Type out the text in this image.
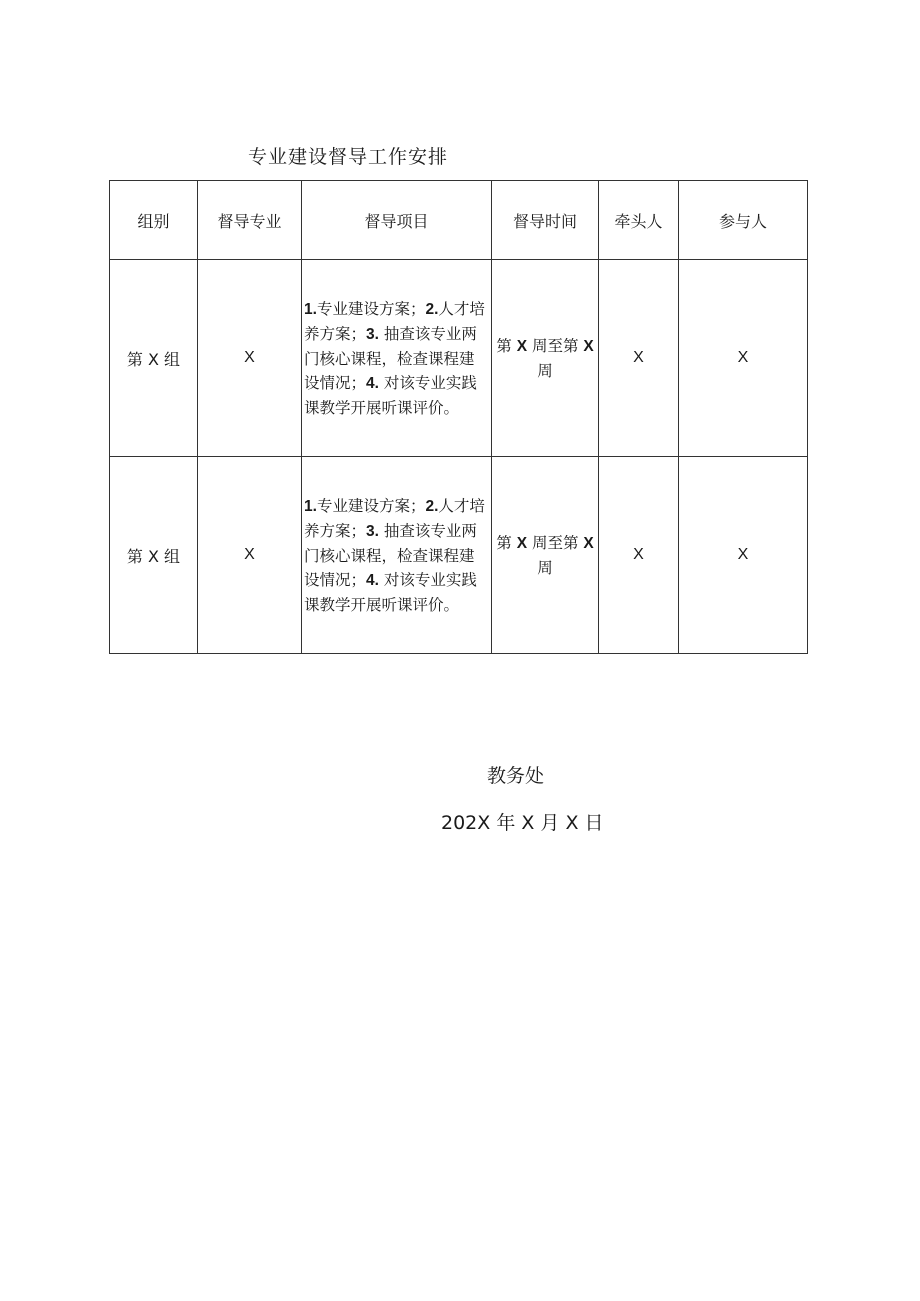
专业建设督导工作安排
组别	督导专业	督导项目	督导时间	牵头人	参与人
第 X 组	X	1.专业建设方案；2.人才培养方案；3. 抽查该专业两门核心课程，检查课程建设情况；4. 对该专业实践课教学开展听课评价。	第 X 周至第 X 周	X	X
第 X 组	X	1.专业建设方案；2.人才培养方案；3. 抽查该专业两门核心课程，检查课程建设情况；4. 对该专业实践课教学开展听课评价。	第 X 周至第 X 周	X	X
教务处
202X 年 X 月 X 日
